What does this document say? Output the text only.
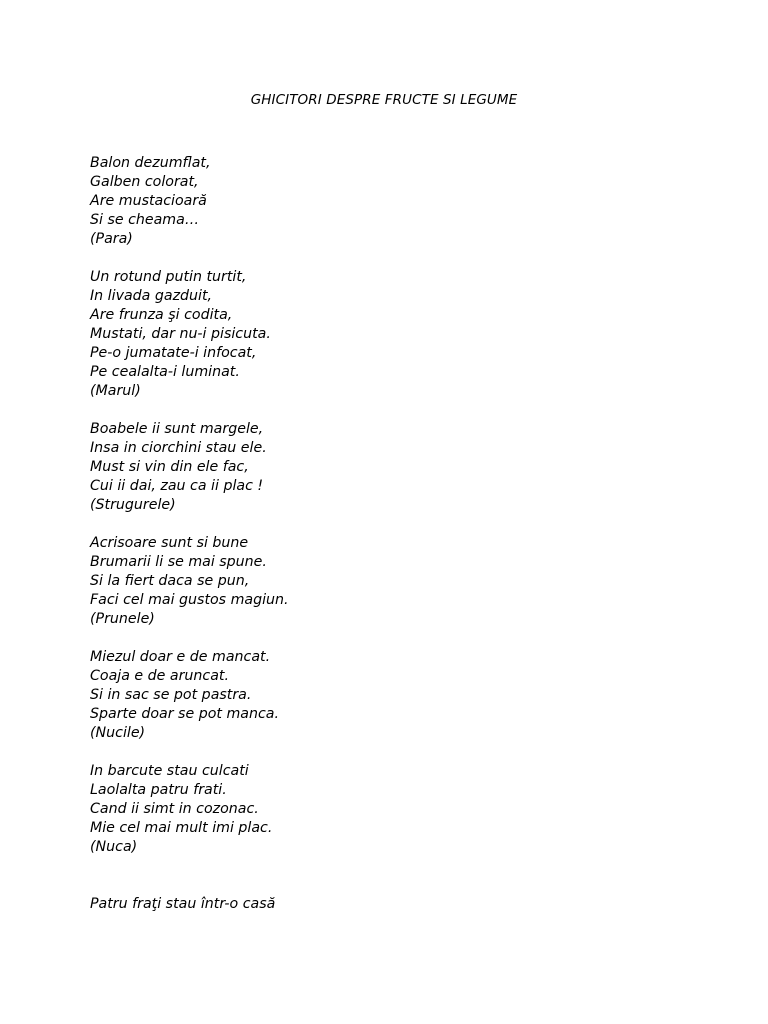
GHICITORI DESPRE FRUCTE SI LEGUME
Balon dezumflat,
Galben colorat,
Are mustacioară
Si se cheama…
(Para)
Un rotund putin turtit,
In livada gazduit,
Are frunza şi codita,
Mustati, dar nu-i pisicuta.
Pe-o jumatate-i infocat,
Pe cealalta-i luminat.
(Marul)
Boabele ii sunt margele,
Insa in ciorchini stau ele.
Must si vin din ele fac,
Cui ii dai, zau ca ii plac !
(Strugurele)
Acrisoare sunt si bune
Brumarii li se mai spune.
Si la fiert daca se pun,
Faci cel mai gustos magiun.
(Prunele)
Miezul doar e de mancat.
Coaja e de aruncat.
Si in sac se pot pastra.
Sparte doar se pot manca.
(Nucile)
In barcute stau culcati
Laolalta patru frati.
Cand ii simt in cozonac.
Mie cel mai mult imi plac.
(Nuca)
Patru fraţi stau într-o casă
